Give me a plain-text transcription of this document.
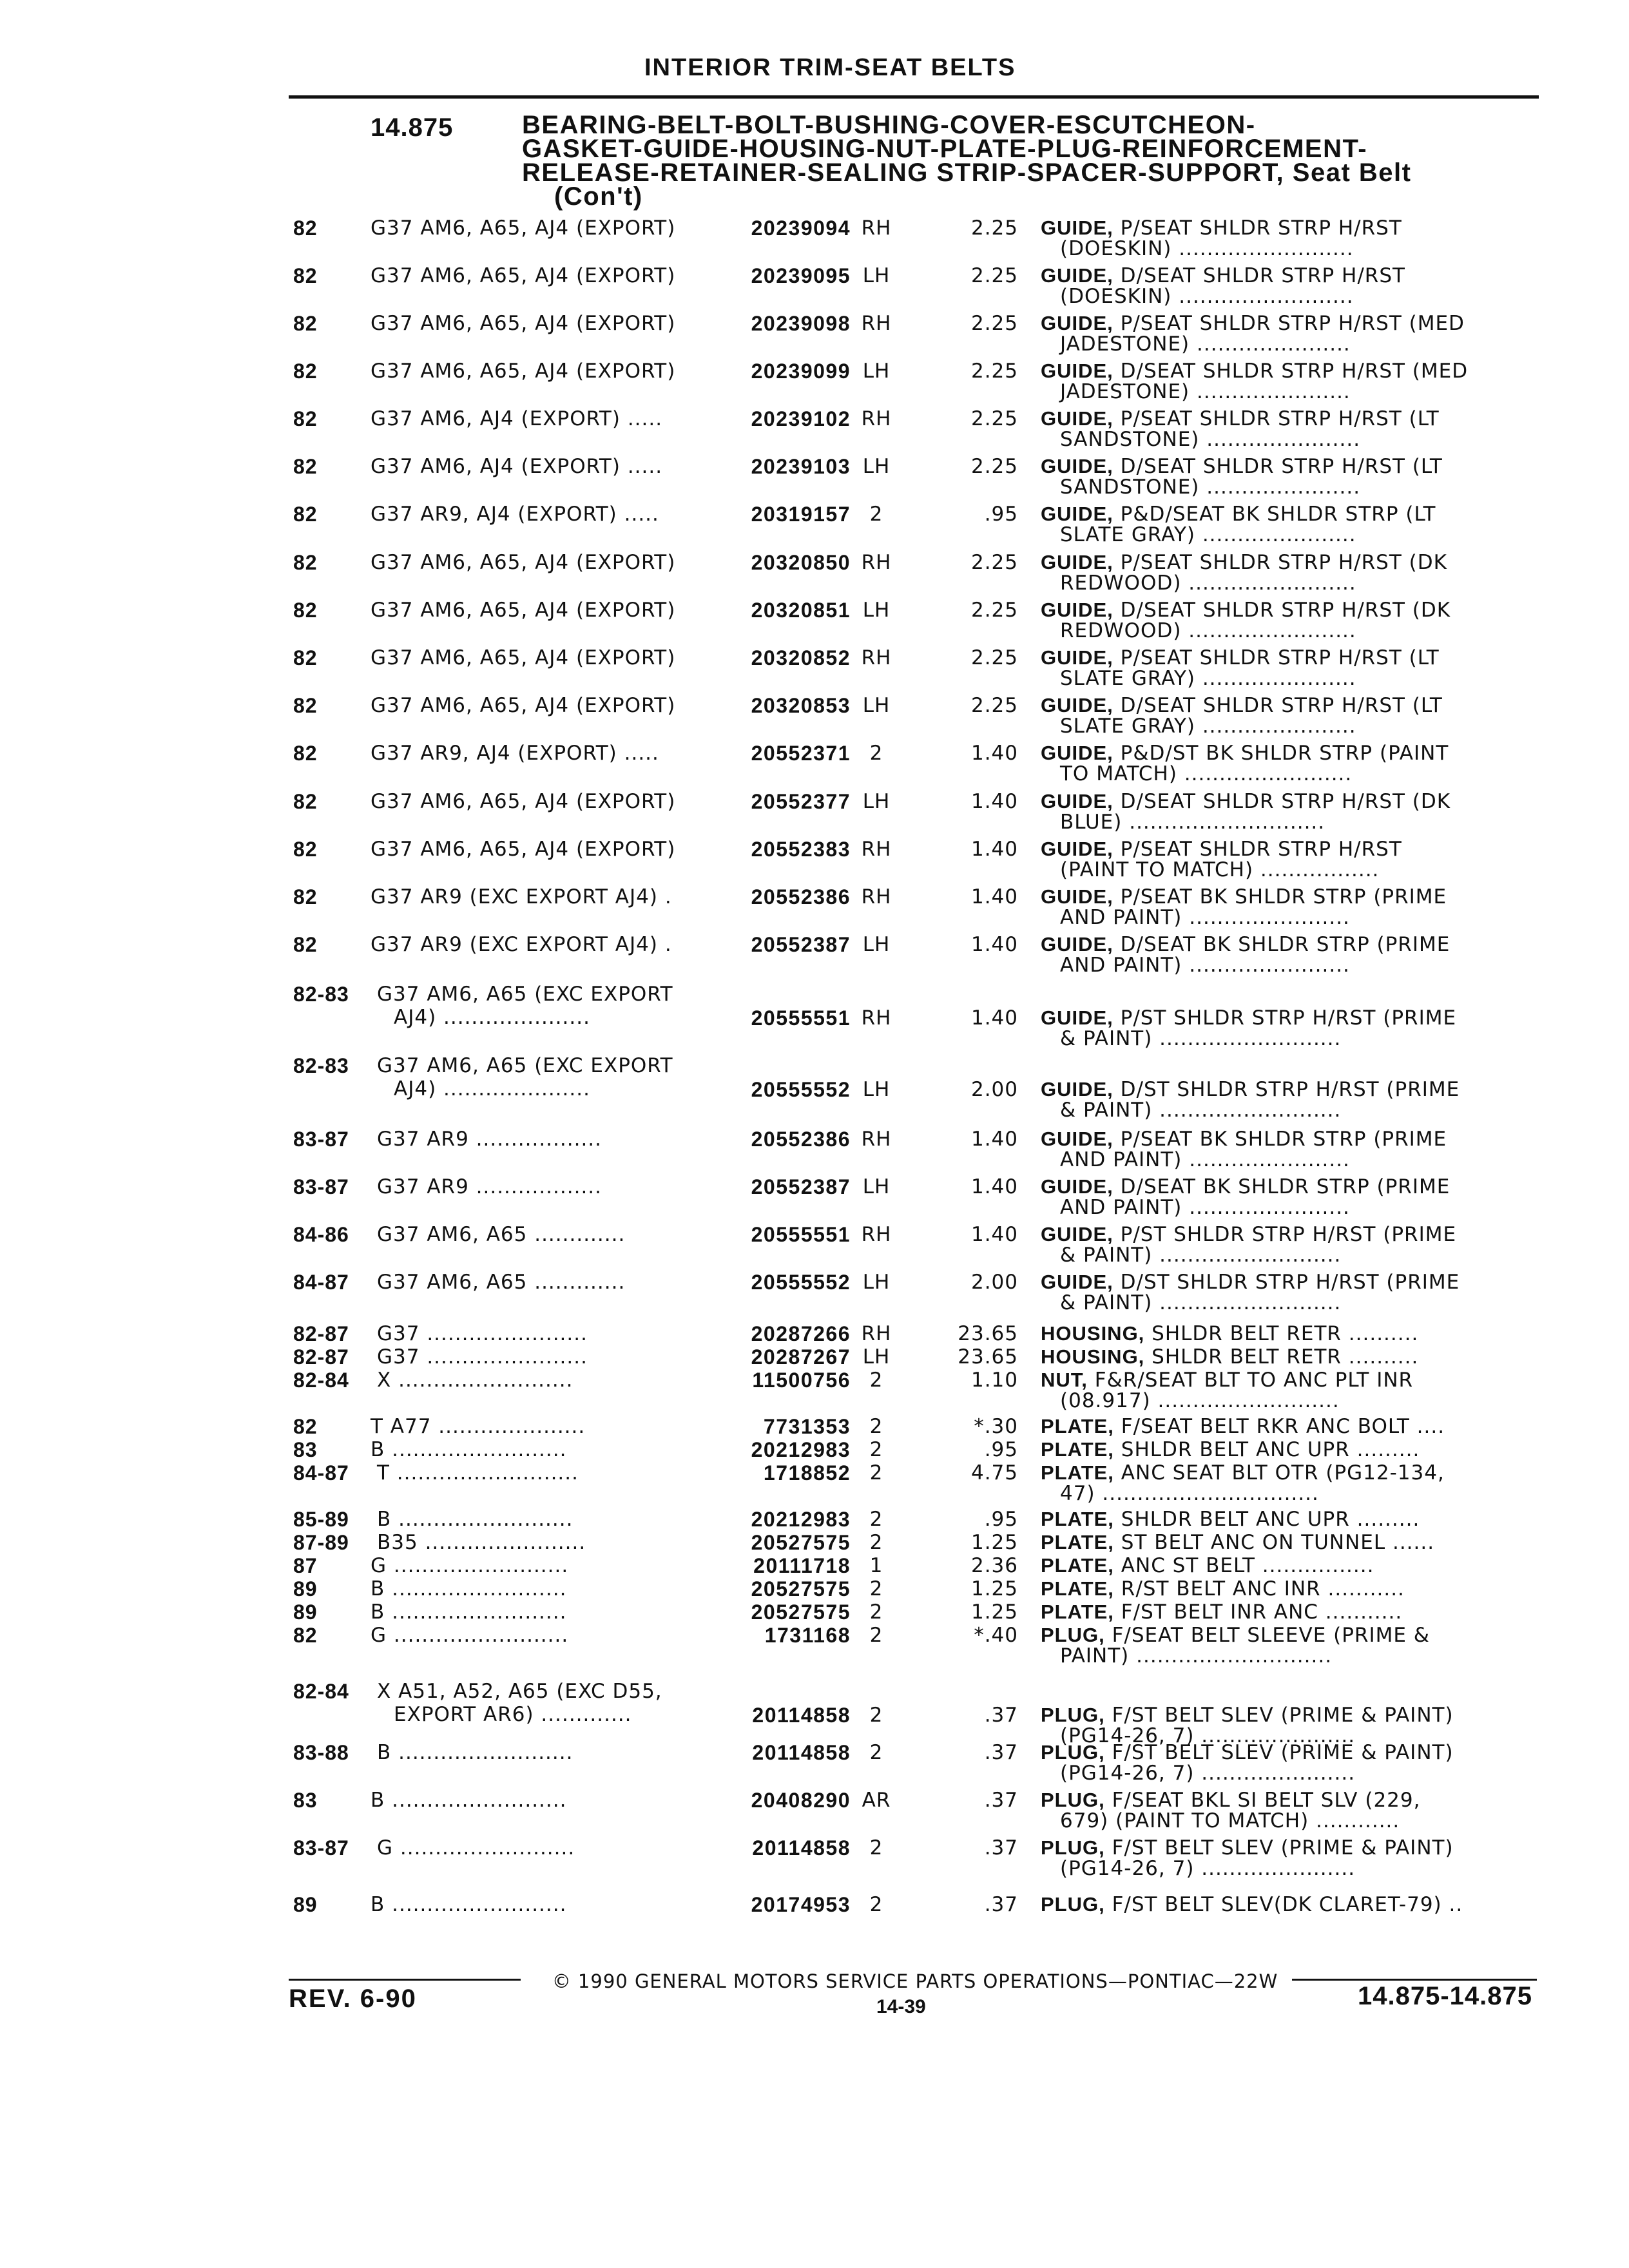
INTERIOR TRIM-SEAT BELTS
14.875	BEARING-BELT-BOLT-BUSHING-COVER-ESCUTCHEON-
GASKET-GUIDE-HOUSING-NUT-PLATE-PLUG-REINFORCEMENT-
RELEASE-RETAINER-SEALING STRIP-SPACER-SUPPORT, Seat Belt
(Con't)
82	G37 AM6, A65, AJ4 (EXPORT)	20239094 RH	2.25 GUIDE, P/SEAT SHLDR STRP H/RST
(DOESKIN) .........................
82	G37 AM6, A65, AJ4 (EXPORT)	20239095 LH	2.25 GUIDE, D/SEAT SHLDR STRP H/RST
(DOESKIN) .........................
82	G37 AM6, A65, AJ4 (EXPORT)	20239098 RH	2.25 GUIDE, P/SEAT SHLDR STRP H/RST (MED
JADESTONE) ......................
82	G37 AM6, A65, AJ4 (EXPORT)	20239099 LH	2.25 GUIDE, D/SEAT SHLDR STRP H/RST (MED
JADESTONE) ......................
82	G37 AM6, AJ4 (EXPORT) .....	20239102 RH	2.25 GUIDE, P/SEAT SHLDR STRP H/RST (LT
SANDSTONE) ......................
82	G37 AM6, AJ4 (EXPORT) .....	20239103 LH	2.25 GUIDE, D/SEAT SHLDR STRP H/RST (LT
SANDSTONE) ......................
82	G37 AR9, AJ4 (EXPORT) .....	20319157 2	.95 GUIDE, P&D/SEAT BK SHLDR STRP (LT
SLATE GRAY) ......................
82	G37 AM6, A65, AJ4 (EXPORT)	20320850 RH	2.25 GUIDE, P/SEAT SHLDR STRP H/RST (DK
REDWOOD) ........................
82	G37 AM6, A65, AJ4 (EXPORT)	20320851 LH	2.25 GUIDE, D/SEAT SHLDR STRP H/RST (DK
REDWOOD) ........................
82	G37 AM6, A65, AJ4 (EXPORT)	20320852 RH	2.25 GUIDE, P/SEAT SHLDR STRP H/RST (LT
SLATE GRAY) ......................
82	G37 AM6, A65, AJ4 (EXPORT)	20320853 LH	2.25 GUIDE, D/SEAT SHLDR STRP H/RST (LT
SLATE GRAY) ......................
82	G37 AR9, AJ4 (EXPORT) .....	20552371 2	1.40 GUIDE, P&D/ST BK SHLDR STRP (PAINT
TO MATCH) ........................
82	G37 AM6, A65, AJ4 (EXPORT)	20552377 LH	1.40 GUIDE, D/SEAT SHLDR STRP H/RST (DK
BLUE) ............................
82	G37 AM6, A65, AJ4 (EXPORT)	20552383 RH	1.40 GUIDE, P/SEAT SHLDR STRP H/RST
(PAINT TO MATCH) .................
82	G37 AR9 (EXC EXPORT AJ4) .	20552386 RH	1.40 GUIDE, P/SEAT BK SHLDR STRP (PRIME
AND PAINT) .......................
82	G37 AR9 (EXC EXPORT AJ4) .	20552387 LH	1.40 GUIDE, D/SEAT BK SHLDR STRP (PRIME
AND PAINT) .......................
82-83 G37 AM6, A65 (EXC EXPORT
AJ4) .....................	20555551 RH	1.40 GUIDE, P/ST SHLDR STRP H/RST (PRIME
& PAINT) ..........................
82-83 G37 AM6, A65 (EXC EXPORT
AJ4) .....................	20555552 LH	2.00 GUIDE, D/ST SHLDR STRP H/RST (PRIME
& PAINT) ..........................
83-87 G37 AR9 ..................	20552386 RH	1.40 GUIDE, P/SEAT BK SHLDR STRP (PRIME
AND PAINT) .......................
83-87 G37 AR9 ..................	20552387 LH	1.40 GUIDE, D/SEAT BK SHLDR STRP (PRIME
AND PAINT) .......................
84-86 G37 AM6, A65 .............	20555551 RH	1.40 GUIDE, P/ST SHLDR STRP H/RST (PRIME
& PAINT) ..........................
84-87 G37 AM6, A65 .............	20555552 LH	2.00 GUIDE, D/ST SHLDR STRP H/RST (PRIME
& PAINT) ..........................
82-87 G37 .......................	20287266 RH	23.65 HOUSING, SHLDR BELT RETR ..........
82-87 G37 .......................	20287267 LH	23.65 HOUSING, SHLDR BELT RETR ..........
82-84 X .........................	11500756 2	1.10 NUT, F&R/SEAT BLT TO ANC PLT INR
(08.917) ..........................
82	T A77 .....................	7731353 2	*.30 PLATE, F/SEAT BELT RKR ANC BOLT ....
83	B .........................	20212983 2	.95 PLATE, SHLDR BELT ANC UPR .........
84-87 T ..........................	1718852 2	4.75 PLATE, ANC SEAT BLT OTR (PG12-134,
47) ...............................
85-89 B .........................	20212983 2	.95 PLATE, SHLDR BELT ANC UPR .........
87-89 B35 .......................	20527575 2	1.25 PLATE, ST BELT ANC ON TUNNEL ......
87	G .........................	20111718 1	2.36 PLATE, ANC ST BELT ................
89	B .........................	20527575 2	1.25 PLATE, R/ST BELT ANC INR ...........
89	B .........................	20527575 2	1.25 PLATE, F/ST BELT INR ANC ...........
82	G .........................	1731168 2	*.40 PLUG, F/SEAT BELT SLEEVE (PRIME &
PAINT) ............................
82-84 X A51, A52, A65 (EXC D55,
EXPORT AR6) .............	20114858 2	.37 PLUG, F/ST BELT SLEV (PRIME & PAINT)
(PG14-26, 7) ......................
83-88 B .........................	20114858 2	.37 PLUG, F/ST BELT SLEV (PRIME & PAINT)
(PG14-26, 7) ......................
83	B .........................	20408290 AR	.37 PLUG, F/SEAT BKL SI BELT SLV (229,
679) (PAINT TO MATCH) ............
83-87 G .........................	20114858 2	.37 PLUG, F/ST BELT SLEV (PRIME & PAINT)
(PG14-26, 7) ......................
89	B .........................	20174953 2	.37 PLUG, F/ST BELT SLEV(DK CLARET-79) ..
© 1990 GENERAL MOTORS SERVICE PARTS OPERATIONS—PONTIAC—22W
REV. 6-90	14-39	14.875-14.875
